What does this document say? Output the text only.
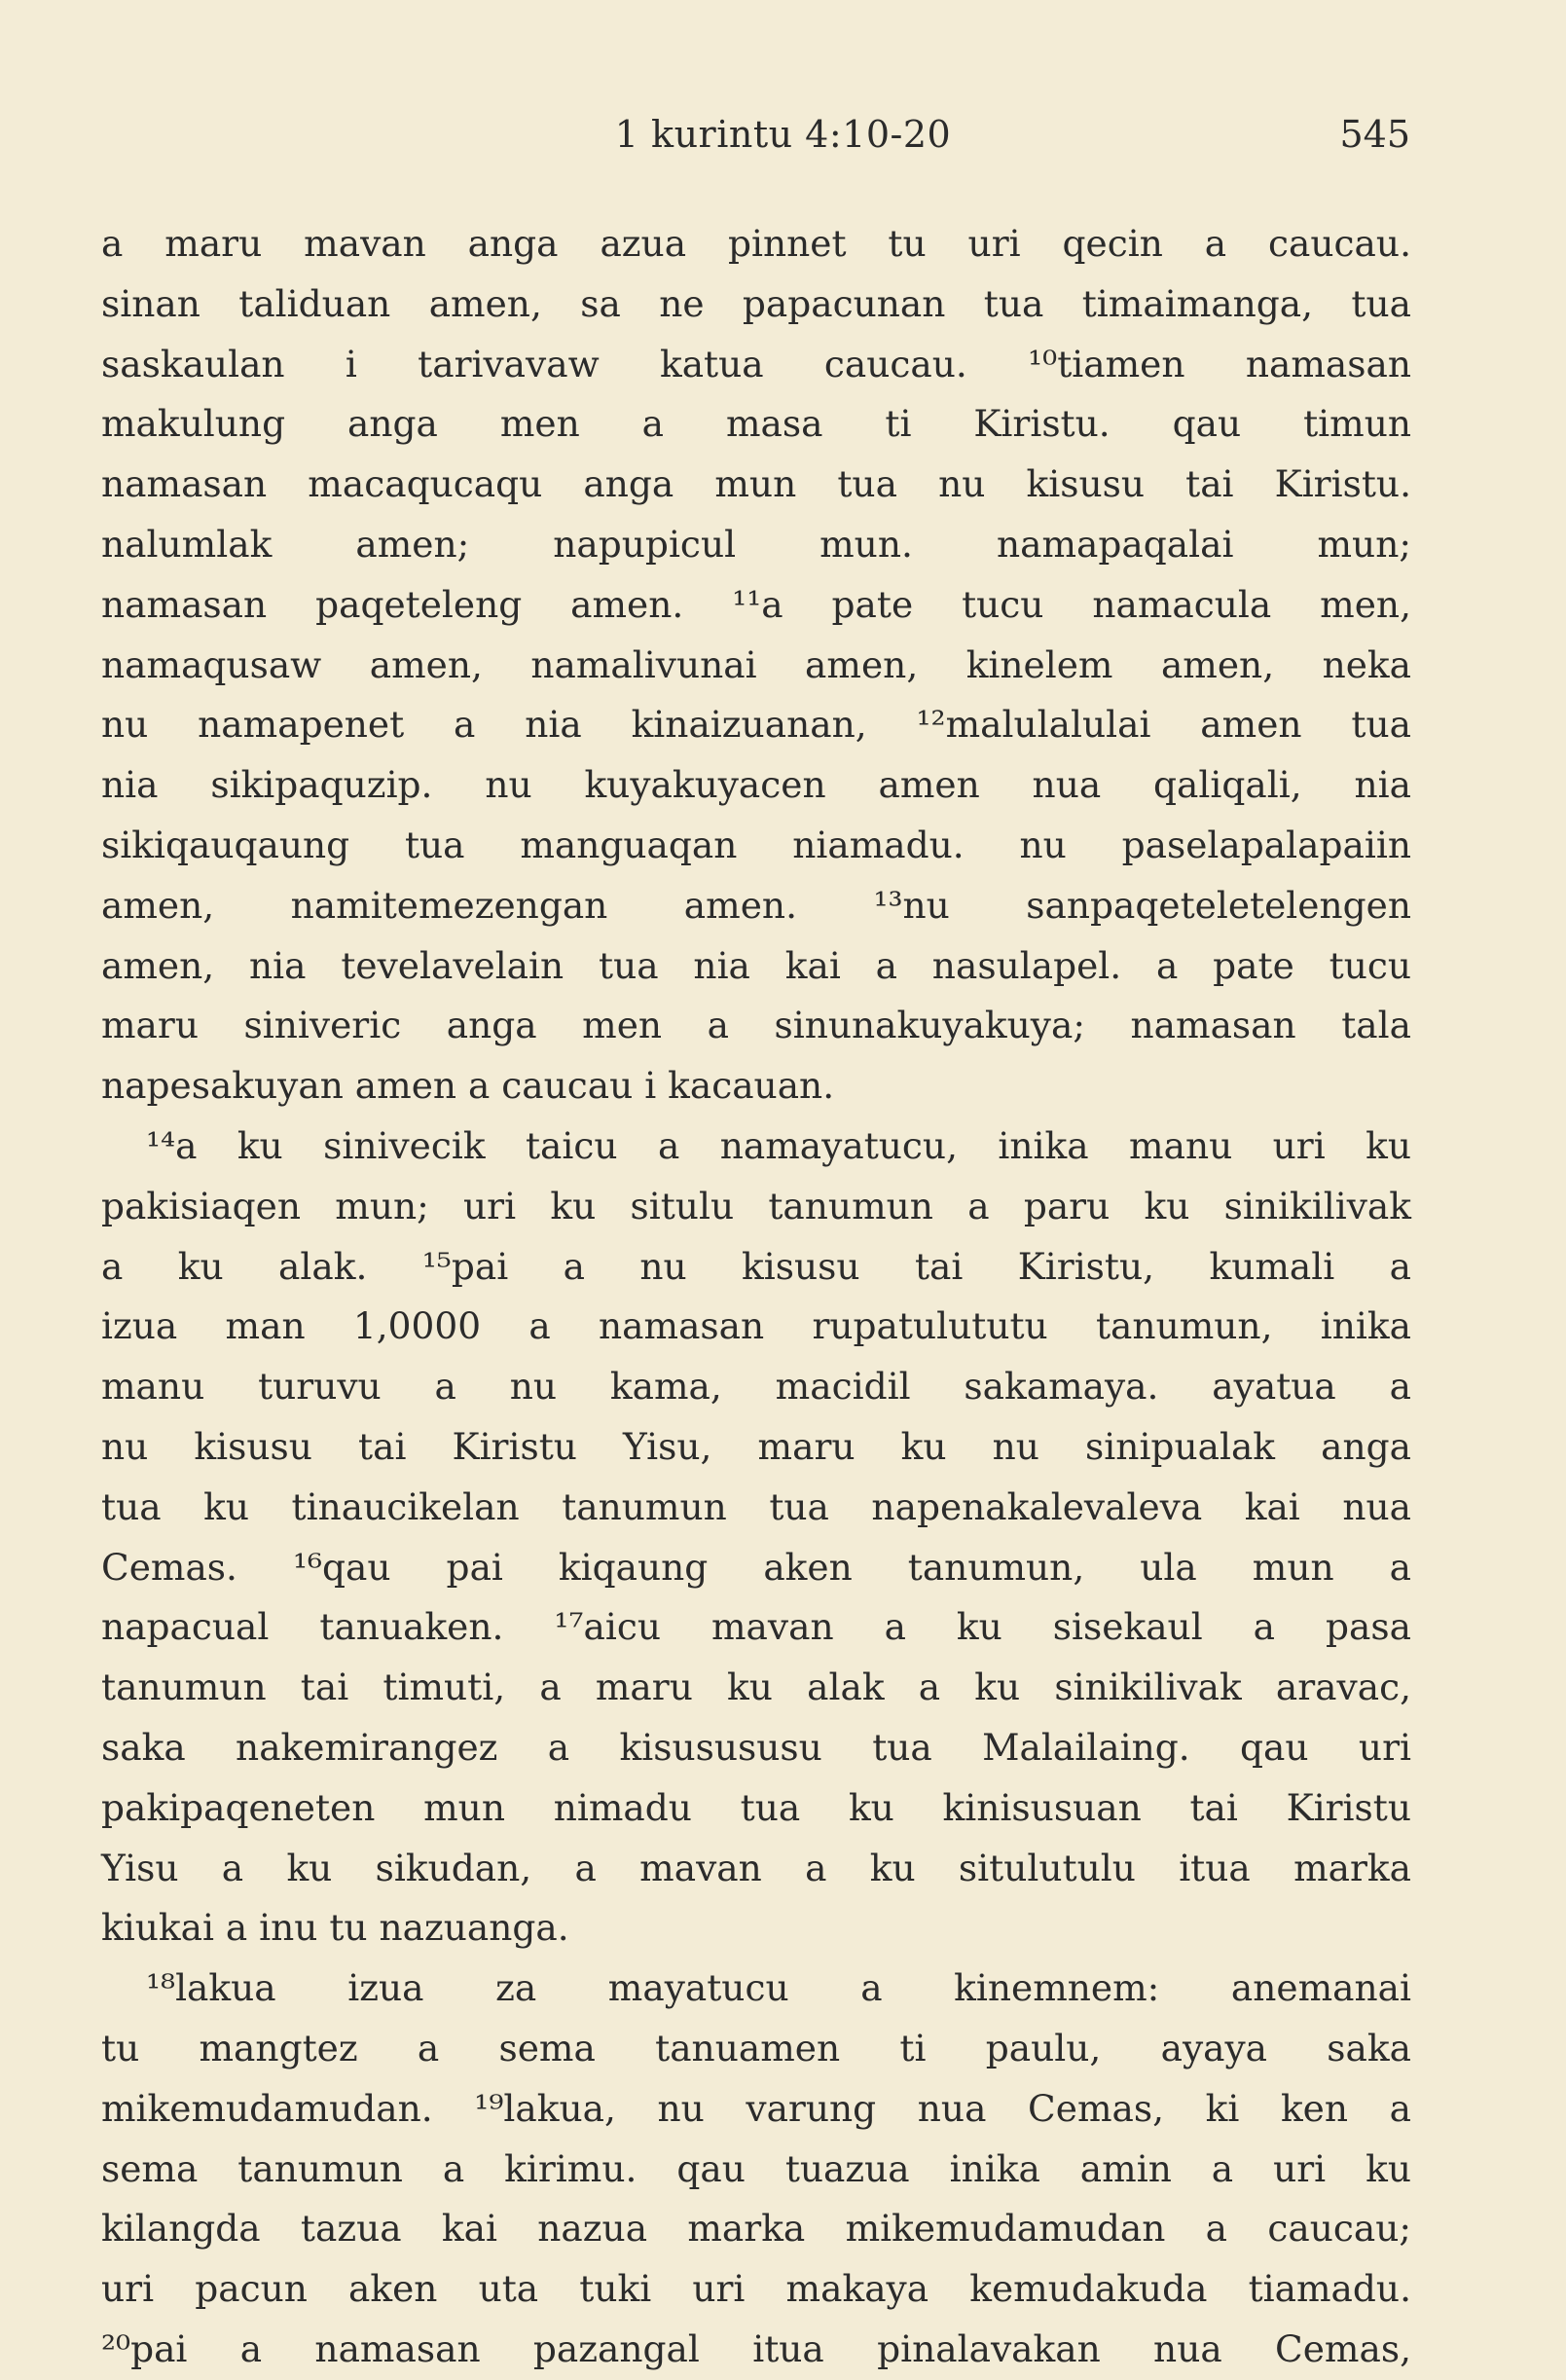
1 kurintu 4:10-20	545
a maru mavan anga azua pinnet tu uri qecin a caucau.
sinan taliduan amen, sa ne papacunan tua timaimanga, tua
saskaulan i tarivavaw katua caucau. ¹⁰tiamen namasan
makulung anga men a masa ti Kiristu. qau timun
namasan macaqucaqu anga mun tua nu kisusu tai Kiristu.
nalumlak amen; napupicul mun. namapaqalai mun;
namasan paqeteleng amen. ¹¹a pate tucu namacula men,
namaqusaw amen, namalivunai amen, kinelem amen, neka
nu namapenet a nia kinaizuanan, ¹²malulalulai amen tua
nia sikipaquzip. nu kuyakuyacen amen nua qaliqali, nia
sikiqauqaung tua manguaqan niamadu. nu paselapalapaiin
amen, namitemezengan amen. ¹³nu sanpaqeteletelengen
amen, nia tevelavelain tua nia kai a nasulapel. a pate tucu
maru siniveric anga men a sinunakuyakuya; namasan tala
napesakuyan amen a caucau i kacauan.
¹⁴a ku sinivecik taicu a namayatucu, inika manu uri ku
pakisiaqen mun; uri ku situlu tanumun a paru ku sinikilivak
a ku alak. ¹⁵pai a nu kisusu tai Kiristu, kumali a
izua man 1,0000 a namasan rupatulututu tanumun, inika
manu turuvu a nu kama, macidil sakamaya. ayatua a
nu kisusu tai Kiristu Yisu, maru ku nu sinipualak anga
tua ku tinaucikelan tanumun tua napenakalevaleva kai nua
Cemas. ¹⁶qau pai kiqaung aken tanumun, ula mun a
napacual tanuaken. ¹⁷aicu mavan a ku sisekaul a pasa
tanumun tai timuti, a maru ku alak a ku sinikilivak aravac,
saka nakemirangez a kisusususu tua Malailaing. qau uri
pakipaqeneten mun nimadu tua ku kinisusuan tai Kiristu
Yisu a ku sikudan, a mavan a ku situlutulu itua marka
kiukai a inu tu nazuanga.
¹⁸lakua izua za mayatucu a kinemnem: anemanai
tu mangtez a sema tanuamen ti paulu, ayaya saka
mikemudamudan. ¹⁹lakua, nu varung nua Cemas, ki ken a
sema tanumun a kirimu. qau tuazua inika amin a uri ku
kilangda tazua kai nazua marka mikemudamudan a caucau;
uri pacun aken uta tuki uri makaya kemudakuda tiamadu.
²⁰pai a namasan pazangal itua pinalavakan nua Cemas,
